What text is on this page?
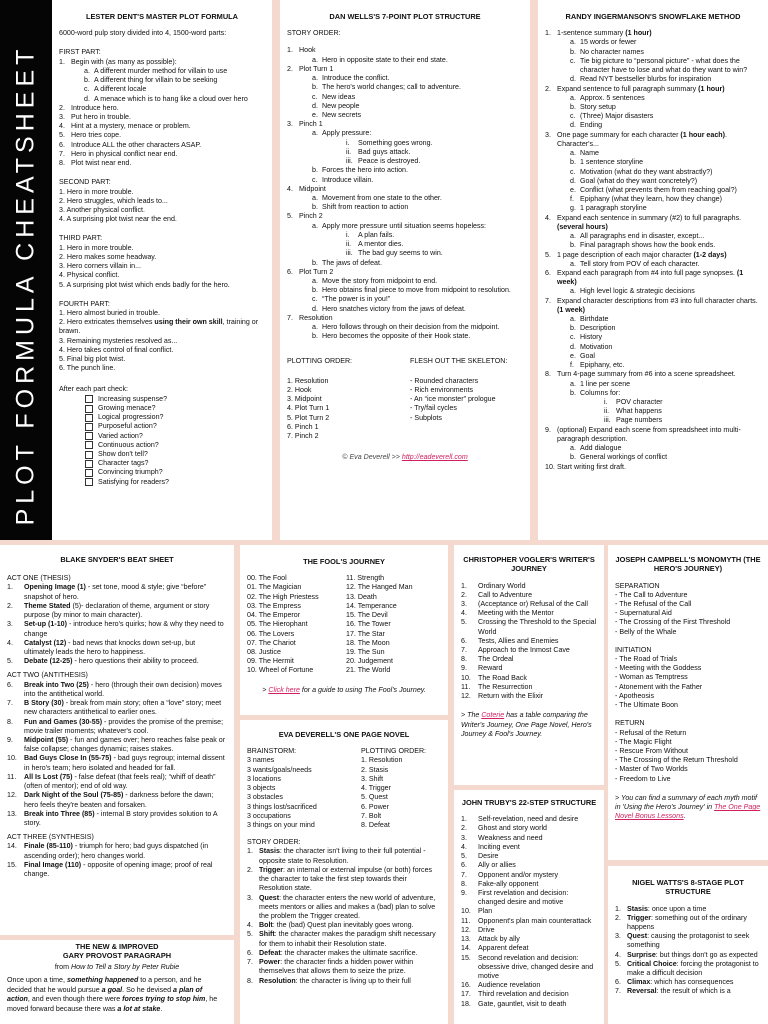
PLOT FORMULA CHEATSHEET
LESTER DENT'S MASTER PLOT FORMULA
6000-word pulp story divided into 4, 1500-word parts:
FIRST PART:
1. Begin with (as many as possible):
a. A different murder method for villain to use
b. A different thing for villain to be seeking
c. A different locale
d. A menace which is to hang like a cloud over hero
2. Introduce hero.
3. Put hero in trouble.
4. Hint at a mystery, menace or problem.
5. Hero tries cope.
6. Introduce ALL the other characters ASAP.
7. Hero in physical conflict near end.
8. Plot twist near end.
SECOND PART:
1. Hero in more trouble.
2. Hero struggles, which leads to...
3. Another physical conflict.
4. A surprising plot twist near the end.
THIRD PART:
1. Hero in more trouble.
2. Hero makes some headway.
3. Hero corners villain in...
4. Physical conflict.
5. A surprising plot twist which ends badly for the hero.
FOURTH PART:
1. Hero almost buried in trouble.
2. Hero extricates themselves using their own skill, training or brawn.
3. Remaining mysteries resolved as...
4. Hero takes control of final conflict.
5. Final big plot twist.
6. The punch line.
After each part check:
Increasing suspense?
Growing menace?
Logical progression?
Purposeful action?
Varied action?
Continuous action?
Show don't tell?
Character tags?
Convincing triumph?
Satisfying for readers?
DAN WELLS'S 7-POINT PLOT STRUCTURE
STORY ORDER:
1. Hook
a. Hero in opposite state to their end state.
2. Plot Turn 1
a. Introduce the conflict.
b. The hero's world changes; call to adventure.
c. New ideas
d. New people
e. New secrets
3. Pinch 1
a. Apply pressure:
i.	Something goes wrong.
ii. Bad guys attack.
iii. Peace is destroyed.
b. Forces the hero into action.
c. Introduce villain.
4. Midpoint
a. Movement from one state to the other.
b. Shift from reaction to action
5. Pinch 2
a. Apply more pressure until situation seems hopeless:
i.	A plan fails.
ii. A mentor dies.
iii. The bad guy seems to win.
b. The jaws of defeat.
6. Plot Turn 2
a. Move the story from midpoint to end.
b. Hero obtains final piece to move from midpoint to resolution.
c. “The power is in you!”
d. Hero snatches victory from the jaws of defeat.
7. Resolution
a. Hero follows through on their decision from the midpoint.
b. Hero becomes the opposite of their Hook state.
PLOTTING ORDER:
1. Resolution
2. Hook
3. Midpoint
4. Plot Turn 1
5. Plot Turn 2
6. Pinch 1
7. Pinch 2
FLESH OUT THE SKELETON:
- Rounded characters
- Rich environments
- An “ice monster” prologue
- Try/fail cycles
- Subplots
© Eva Deverell >> http://eadeverell.com
RANDY INGERMANSON'S SNOWFLAKE METHOD
1. 1-sentence summary (1 hour)
a. 15 words or fewer
b. No character names
c. Tie big picture to “personal picture” - what does the character have to lose and what do they want to win?
d. Read NYT bestseller blurbs for inspiration
2. Expand sentence to full paragraph summary (1 hour)
a. Approx. 5 sentences
b. Story setup
c. (Three) Major disasters
d. Ending
3. One page summary for each character (1 hour each). Character's...
a. Name
b. 1 sentence storyline
c. Motivation (what do they want abstractly?)
d. Goal (what do they want concretely?)
e. Conflict (what prevents them from reaching goal?)
f. Epiphany (what they learn, how they change)
g. 1 paragraph storyline
4. Expand each sentence in summary (#2) to full paragraphs. (several hours)
a. All paragraphs end in disaster, except...
b. Final paragraph shows how the book ends.
5. 1 page description of each major character (1-2 days)
a. Tell story from POV of each character.
6. Expand each paragraph from #4 into full page synopses. (1 week)
a. High level logic & strategic decisions
7. Expand character descriptions from #3 into full character charts. (1 week)
a. Birthdate
b. Description
c. History
d. Motivation
e. Goal
f. Epiphany, etc.
8. Turn 4-page summary from #6 into a scene spreadsheet.
a. 1 line per scene
b. Columns for:
i.	POV character
ii. What happens
iii. Page numbers
9. (optional) Expand each scene from spreadsheet into multi-paragraph description.
a. Add dialogue
b. General workings of conflict
10. Start writing first draft.
BLAKE SNYDER'S BEAT SHEET
ACT ONE (THESIS)
1.	Opening Image (1) - set tone, mood & style; give “before” snapshot of hero.
2.	Theme Stated (5)- declaration of theme, argument or story purpose (by minor to main character).
3.	Set-up (1-10) - introduce hero's quirks; how & why they need to change
4.	Catalyst (12) - bad news that knocks down set-up, but ultimately leads the hero to happiness.
5.	Debate (12-25) - hero questions their ability to proceed.
ACT TWO (ANTITHESIS)
6.	Break into Two (25) - hero (through their own decision) moves into the antithetical world.
7.	B Story (30) - break from main story; often a “love” story; meet new characters antithetical to earlier ones.
8.	Fun and Games (30-55) - provides the promise of the premise; movie trailer moments; whatever's cool.
9.	Midpoint (55) - fun and games over; hero reaches false peak or false collapse; changes dynamic; raises stakes.
10.	Bad Guys Close In (55-75) - bad guys regroup; internal dissent in hero's team; hero isolated and headed for fall.
11.	All Is Lost (75) - false defeat (that feels real); “whiff of death” (often of mentor); end of old way.
12.	Dark Night of the Soul (75-85) - darkness before the dawn; hero feels they're beaten and forsaken.
13.	Break into Three (85) - internal B story provides solution to A story.
ACT THREE (SYNTHESIS)
14.	Finale (85-110) - triumph for hero; bad guys dispatched (in ascending order); hero changes world.
15.	Final Image (110) - opposite of opening image; proof of real change.
THE NEW & IMPROVED
GARY PROVOST PARAGRAPH
from How to Tell a Story by Peter Rubie
Once upon a time, something happened to a person, and he decided that he would pursue a goal. So he devised a plan of action, and even though there were forces trying to stop him, he moved forward because there was a lot at stake.
THE FOOL'S JOURNEY
00. The Fool
01. The Magician
02. The High Priestess
03. The Empress
04. The Emperor
05. The Hierophant
06. The Lovers
07. The Chariot
08. Justice
09. The Hermit
10. Wheel of Fortune
11. Strength
12. The Hanged Man
13. Death
14. Temperance
15. The Devil
16. The Tower
17. The Star
18. The Moon
19. The Sun
20. Judgement
21. The World
> Click here for a guide to using The Fool's Journey.
EVA DEVERELL'S ONE PAGE NOVEL
BRAINSTORM:
3 names
3 wants/goals/needs
3 locations
3 objects
3 obstacles
3 things lost/sacrificed
3 occupations
3 things on your mind
PLOTTING ORDER:
1. Resolution
2. Stasis
3. Shift
4. Trigger
5. Quest
6. Power
7. Bolt
8. Defeat
STORY ORDER:
1. Stasis: the character isn't living to their full potential - opposite state to Resolution.
2. Trigger: an internal or external impulse (or both) forces the character to take the first step towards their Resolution state.
3. Quest: the character enters the new world of adventure, meets mentors or allies and makes a (bad) plan to solve the problem the Trigger created.
4. Bolt: the (bad) Quest plan inevitably goes wrong.
5. Shift: the character makes the paradigm shift necessary for them to inhabit their Resolution state.
6. Defeat: the character makes the ultimate sacrifice.
7. Power: the character finds a hidden power within themselves that allows them to seize the prize.
8. Resolution: the character is living up to their full
CHRISTOPHER VOGLER'S WRITER'S JOURNEY
1.	Ordinary World
2.	Call to Adventure
3.	(Acceptance or) Refusal of the Call
4.	Meeting with the Mentor
5.	Crossing the Threshold to the Special World
6.	Tests, Allies and Enemies
7.	Approach to the Inmost Cave
8.	The Ordeal
9.	Reward
10.	The Road Back
11.	The Resurrection
12.	Return with the Elixir
> The Coterie has a table comparing the Writer's Journey, One Page Novel, Hero's Journey & Fool's Journey.
JOHN TRUBY'S 22-STEP STRUCTURE
1.	Self-revelation, need and desire
2.	Ghost and story world
3.	Weakness and need
4.	Inciting event
5.	Desire
6.	Ally or allies
7.	Opponent and/or mystery
8.	Fake-ally opponent
9.	First revelation and decision: changed desire and motive
10.	Plan
11.	Opponent's plan main counterattack
12.	Drive
13.	Attack by ally
14.	Apparent defeat
15.	Second revelation and decision: obsessive drive, changed desire and motive
16.	Audience revelation
17.	Third revelation and decision
18.	Gate, gauntlet, visit to death
JOSEPH CAMPBELL'S MONOMYTH (THE HERO'S JOURNEY)
SEPARATION
- The Call to Adventure
- The Refusal of the Call
- Supernatural Aid
- The Crossing of the First Threshold
- Belly of the Whale
INITIATION
- The Road of Trials
- Meeting with the Goddess
- Woman as Temptress
- Atonement with the Father
- Apotheosis
- The Ultimate Boon
RETURN
- Refusal of the Return
- The Magic Flight
- Rescue From Without
- The Crossing of the Return Threshold
- Master of Two Worlds
- Freedom to Live
> You can find a summary of each myth motif in 'Using the Hero's Journey' in The One Page Novel Bonus Lessons.
NIGEL WATTS'S 8-STAGE PLOT STRUCTURE
1. Stasis: once upon a time
2. Trigger: something out of the ordinary happens
3. Quest: causing the protagonist to seek something
4. Surprise: but things don't go as expected
5. Critical Choice: forcing the protagonist to make a difficult decision
6. Climax: which has consequences
7. Reversal: the result of which is a
